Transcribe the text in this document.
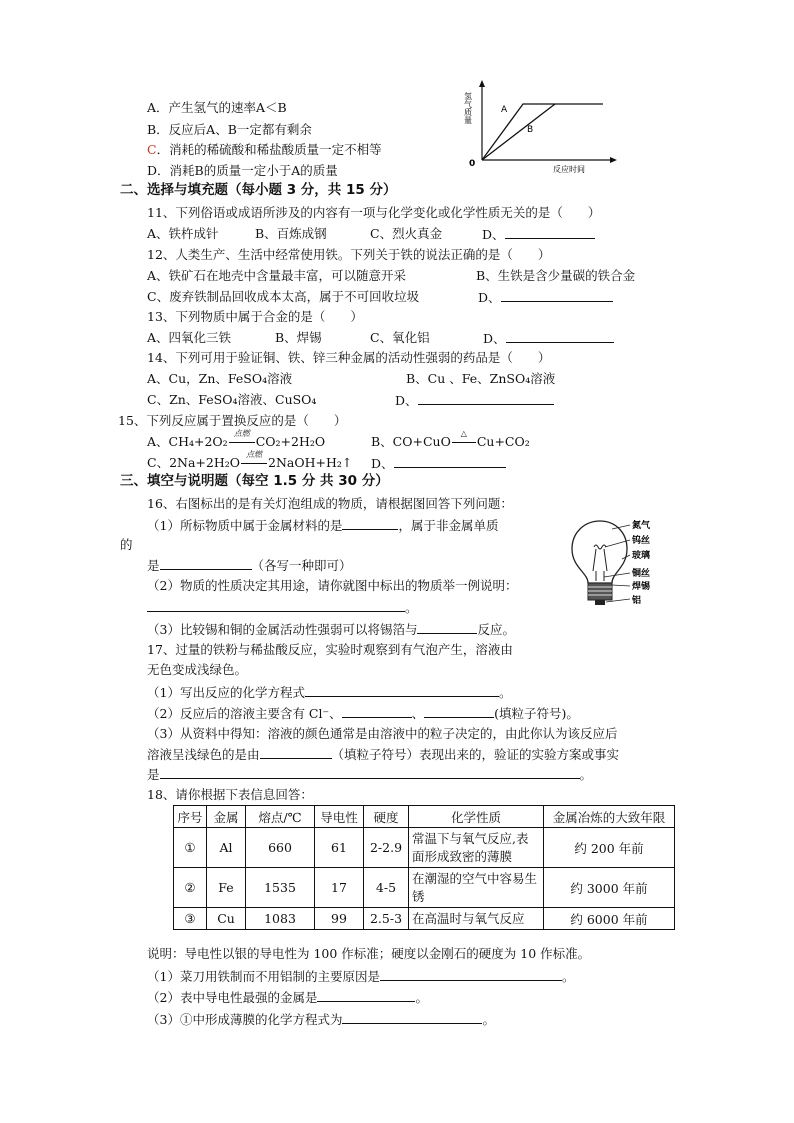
A．产生氢气的速率A＜B
B．反应后A、B一定都有剩余
C．消耗的稀硫酸和稀盐酸质量一定不相等
D．消耗B的质量一定小于A的质量
A
B
0
反应时间
氢气质量
二、选择与填充题（每小题 3 分，共 15 分）
11、下列俗语或成语所涉及的内容有一项与化学变化或化学性质无关的是（　　）
A、铁杵成针	B、百炼成钢	C、烈火真金	D、
12、人类生产、生活中经常使用铁。下列关于铁的说法正确的是（　　）
A、铁矿石在地壳中含量最丰富，可以随意开采	B、生铁是含少量碳的铁合金
C、废弃铁制品回收成本太高，属于不可回收垃圾	D、
13、下列物质中属于合金的是（　　）
A、四氧化三铁	B、焊锡	C、氧化铝	D、
14、下列可用于验证铜、铁、锌三种金属的活动性强弱的药品是（　　）
A、Cu，Zn、FeSO₄溶液	B、Cu 、Fe、ZnSO₄溶液
C、Zn、FeSO₄溶液、CuSO₄	D、
15、下列反应属于置换反应的是（　　）
A、CH₄+2O₂
点燃
CO₂+2H₂O	B、CO+CuO
△
Cu+CO₂
C、2Na+2H₂O
点燃
2NaOH+H₂↑ D、
三、填空与说明题（每空 1.5 分 共 30 分）
16、右图标出的是有关灯泡组成的物质，请根据图回答下列问题：
（1）所标物质中属于金属材料的是	，属于非金属单质
的
是	（各写一种即可）
（2）物质的性质决定其用途，请你就图中标出的物质举一例说明：
。
（3）比较锡和铜的金属活动性强弱可以将锡箔与	反应。
氮气
钨丝
玻璃
铜丝
焊锡
铝
17、过量的铁粉与稀盐酸反应，实验时观察到有气泡产生，溶液由
无色变成浅绿色。
（1）写出反应的化学方程式	。
（2）反应后的溶液主要含有 Cl⁻、	、	(填粒子符号)。
（3）从资料中得知：溶液的颜色通常是由溶液中的粒子决定的，由此你认为该反应后
溶液呈浅绿色的是由	（填粒子符号）表现出来的，验证的实验方案或事实
是	。
18、请你根据下表信息回答：
序号	金属	熔点/℃	导电性	硬度	化学性质	金属冶炼的大致年限
①	Al	660	61	2-2.9	常温下与氧气反应,表面形成致密的薄膜	约 200 年前
②	Fe	1535	17	4-5	在潮湿的空气中容易生锈	约 3000 年前
③	Cu	1083	99	2.5-3	在高温时与氧气反应	约 6000 年前
说明：导电性以银的导电性为 100 作标准；硬度以金刚石的硬度为 10 作标准。
（1）菜刀用铁制而不用铝制的主要原因是	。
（2）表中导电性最强的金属是	。
（3）①中形成薄膜的化学方程式为	。
